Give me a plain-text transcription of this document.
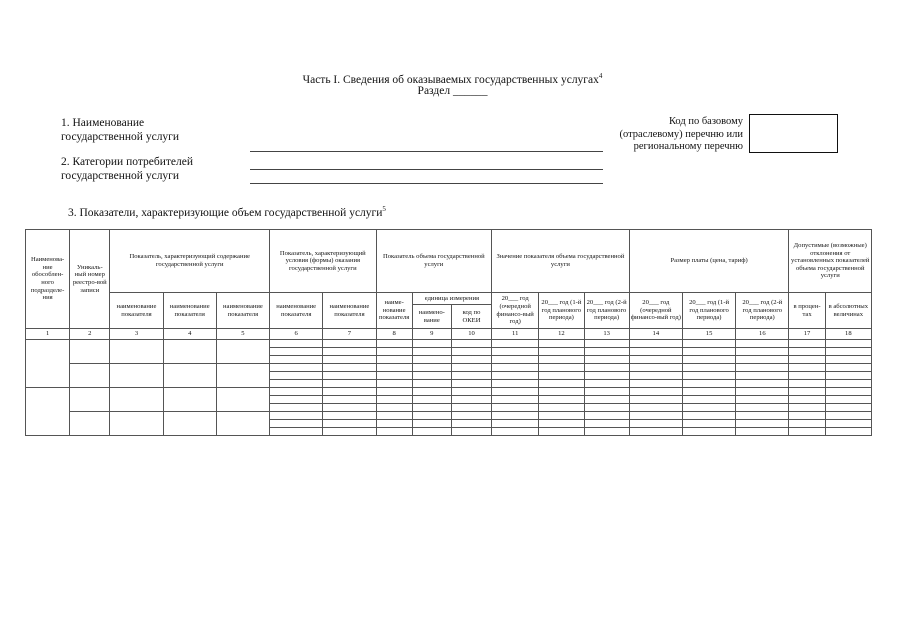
Часть I. Сведения об оказываемых государственных услугах$^4$
Раздел ______
1. Наименование
государственной услуги
2. Категории потребителей
государственной услуги
Код по базовому
(отраслевому) перечню или
региональному перечню
3. Показатели, характеризующие объем государственной услуги$^5$
Наименова-ние обособлен-ного подразделе-ния	Уникаль-ный номер реестро-вой записи	Показатель, характеризующий содержание государственной услуги			Показатель, характеризующий условия (формы) оказания государственной услуги		Показатель объема государственной услуги			Значение показателя объема государственной услуги			Размер платы (цена, тариф)			Допустимые (возможные) отклонения от установленных показателей объема государственной услуги	
		наименование показателя	наименование показателя	наименование показателя	наименование показателя	наименование показателя	наиме-нование показателя	единица измерения		20___ год (очередной финансо-вый год)	20___ год (1-й год планового периода)	20___ год (2-й год планового периода)	20___ год (очередной финансо-вый год)	20___ год (1-й год планового периода)	20___ год (2-й год планового периода)	в процен-тах	в абсолютных величинах
								наимено-вание	код по ОКЕИ								
1	2	3	4	5	6	7	8	9	10	11	12	13	14	15	16	17	18
